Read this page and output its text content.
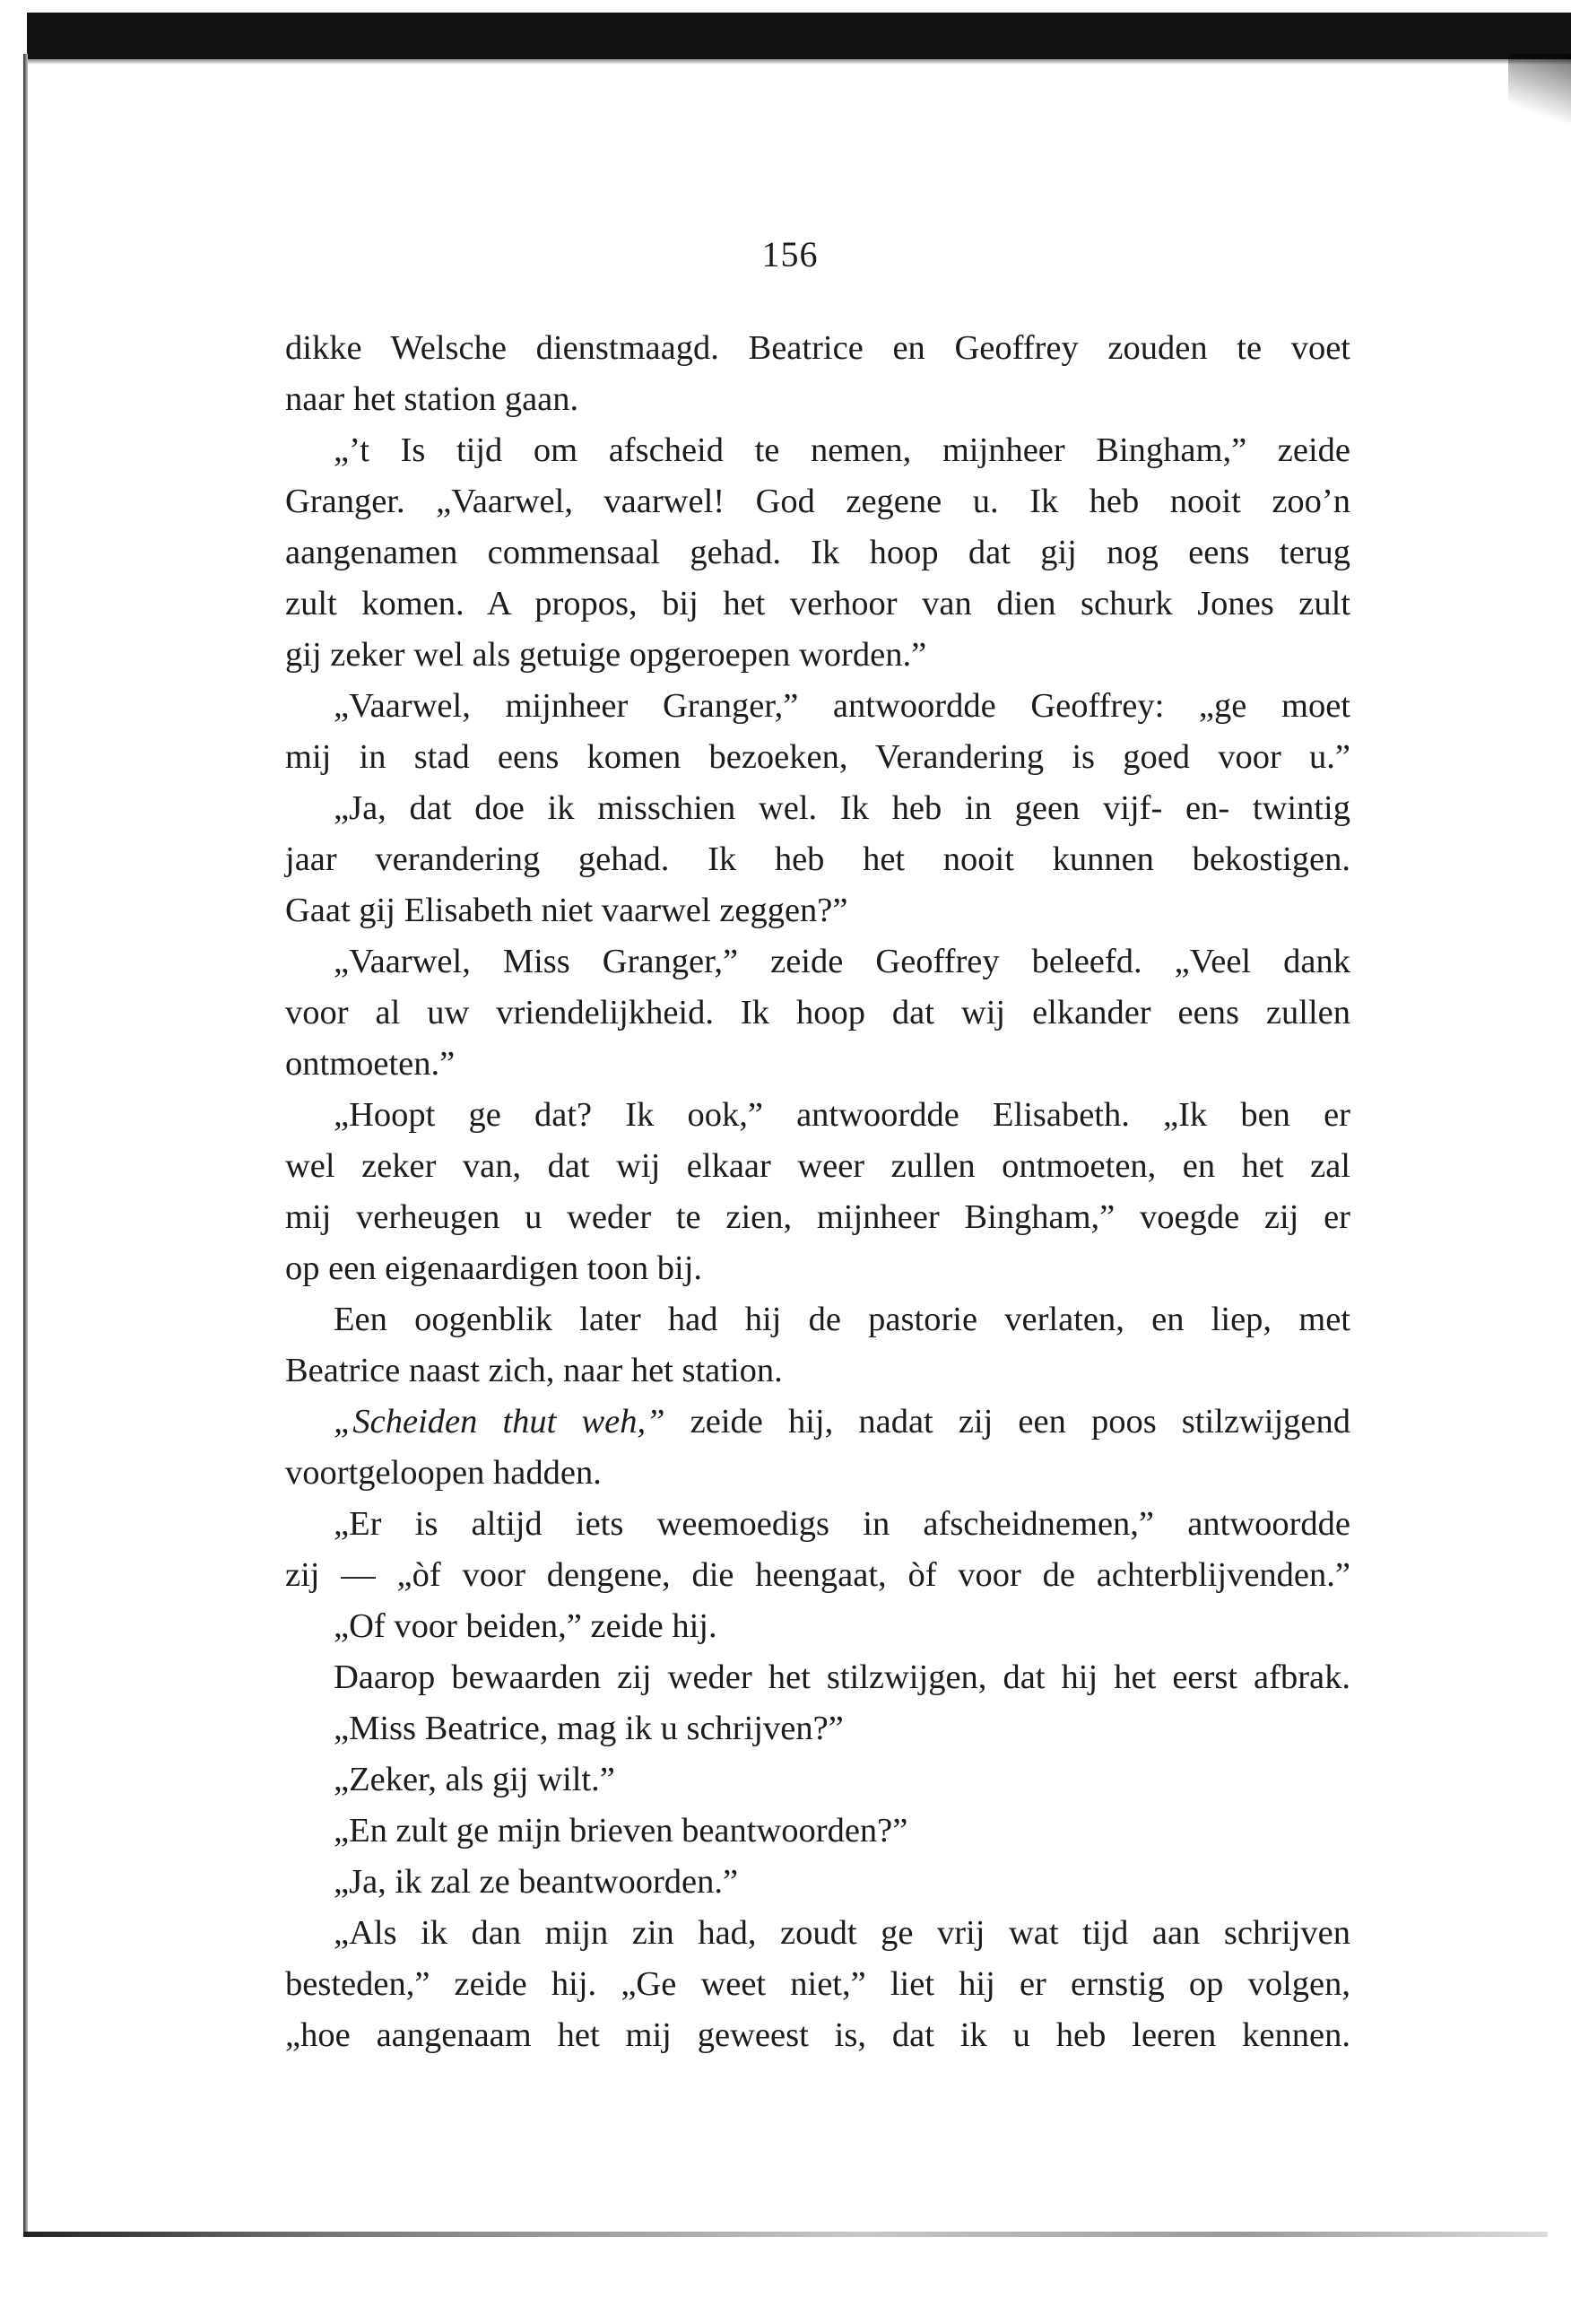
156
dikke Welsche dienstmaagd. Beatrice en Geoffrey zouden te voet
naar het station gaan.
„’t Is tijd om afscheid te nemen, mijnheer Bingham,” zeide
Granger. „Vaarwel, vaarwel! God zegene u. Ik heb nooit zoo’n
aangenamen commensaal gehad. Ik hoop dat gij nog eens terug
zult komen. A propos, bij het verhoor van dien schurk Jones zult
gij zeker wel als getuige opgeroepen worden.”
„Vaarwel, mijnheer Granger,” antwoordde Geoffrey: „ge moet
mij in stad eens komen bezoeken, Verandering is goed voor u.”
„Ja, dat doe ik misschien wel. Ik heb in geen vijf- en- twintig
jaar verandering gehad. Ik heb het nooit kunnen bekostigen.
Gaat gij Elisabeth niet vaarwel zeggen?”
„Vaarwel, Miss Granger,” zeide Geoffrey beleefd. „Veel dank
voor al uw vriendelijkheid. Ik hoop dat wij elkander eens zullen
ontmoeten.”
„Hoopt ge dat? Ik ook,” antwoordde Elisabeth. „Ik ben er
wel zeker van, dat wij elkaar weer zullen ontmoeten, en het zal
mij verheugen u weder te zien, mijnheer Bingham,” voegde zij er
op een eigenaardigen toon bij.
Een oogenblik later had hij de pastorie verlaten, en liep, met
Beatrice naast zich, naar het station.
„Scheiden thut weh,” zeide hij, nadat zij een poos stilzwijgend
voortgeloopen hadden.
„Er is altijd iets weemoedigs in afscheidnemen,” antwoordde
zij — „òf voor dengene, die heengaat, òf voor de achterblijvenden.”
„Of voor beiden,” zeide hij.
Daarop bewaarden zij weder het stilzwijgen, dat hij het eerst afbrak.
„Miss Beatrice, mag ik u schrijven?”
„Zeker, als gij wilt.”
„En zult ge mijn brieven beantwoorden?”
„Ja, ik zal ze beantwoorden.”
„Als ik dan mijn zin had, zoudt ge vrij wat tijd aan schrijven
besteden,” zeide hij. „Ge weet niet,” liet hij er ernstig op volgen,
„hoe aangenaam het mij geweest is, dat ik u heb leeren kennen.
